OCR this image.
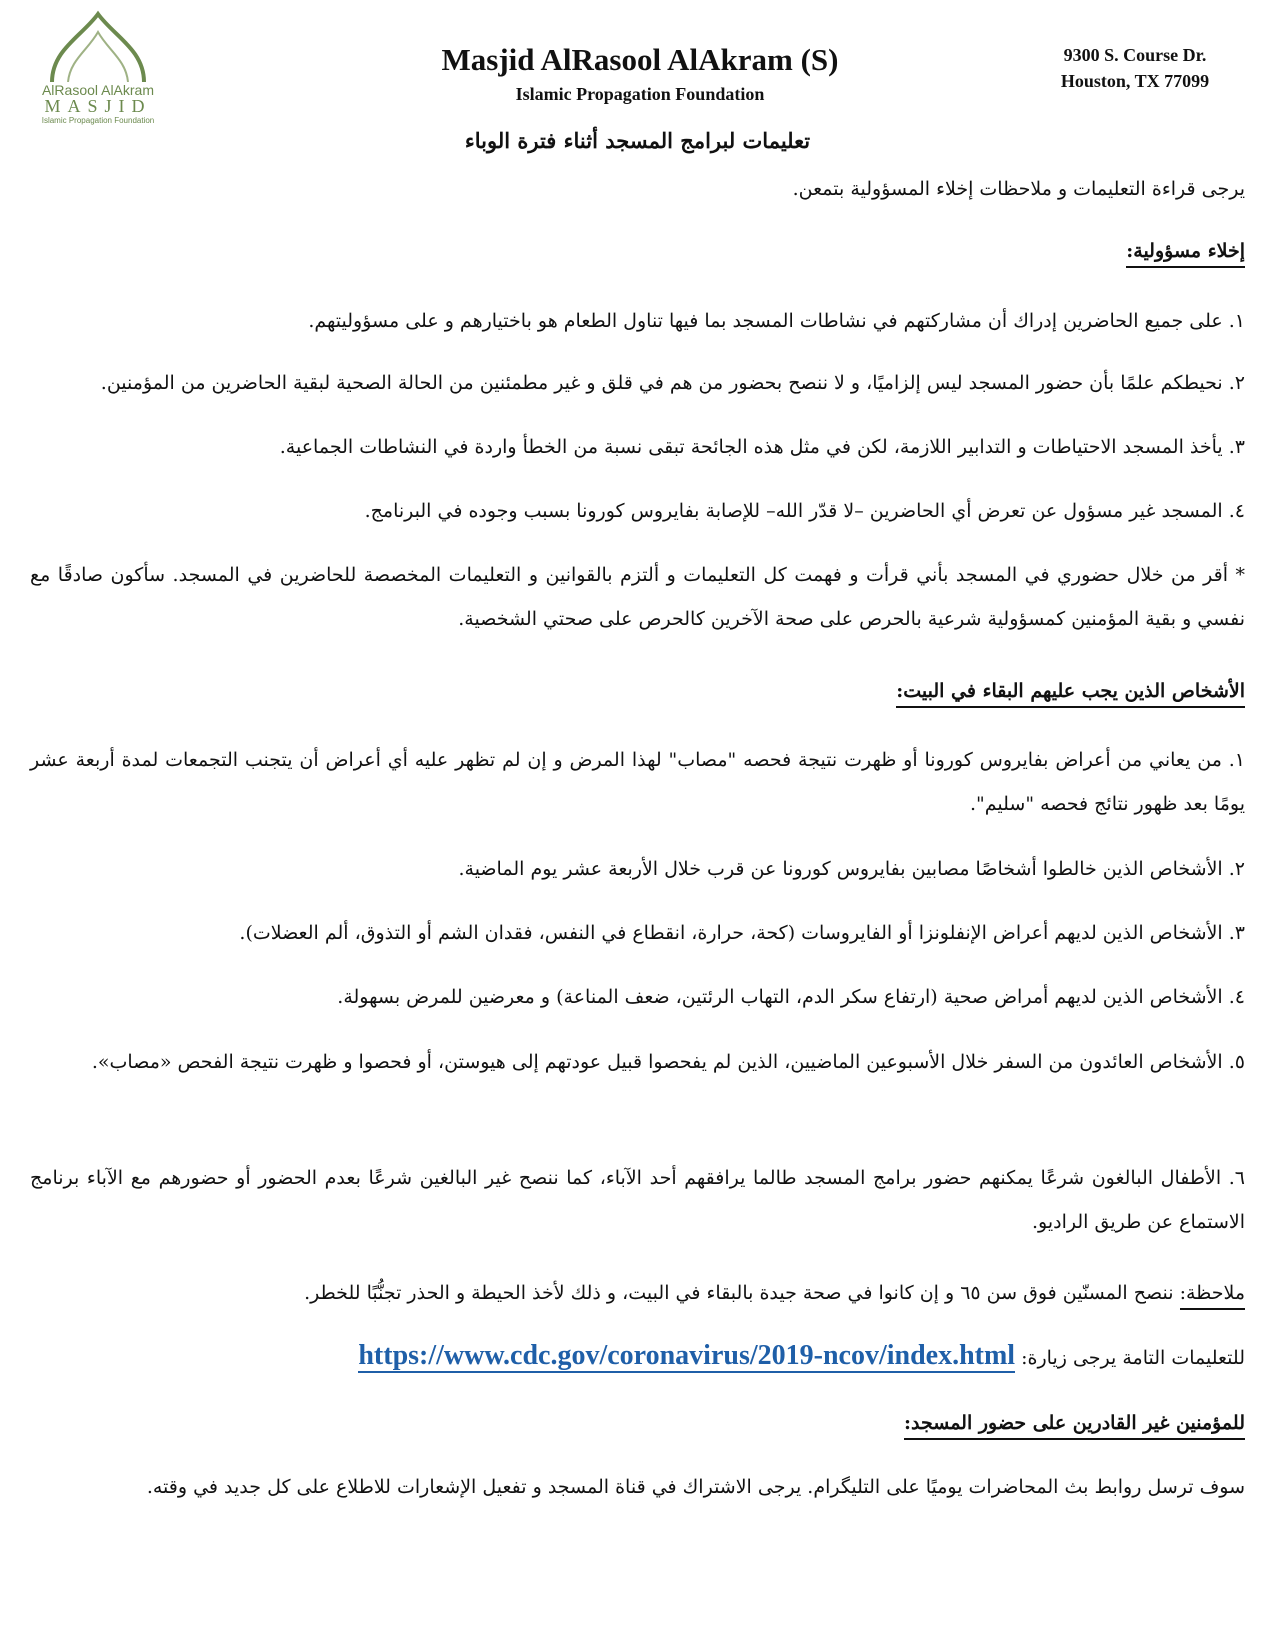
AlRasool AlAkram
MASJID
Islamic Propagation Foundation
Masjid AlRasool AlAkram (S)
Islamic Propagation Foundation
9300 S. Course Dr.
Houston, TX 77099
تعليمات لبرامج المسجد أثناء فترة الوباء
يرجى قراءة التعليمات و ملاحظات إخلاء المسؤولية بتمعن.
إخلاء مسؤولية:
١. على جميع الحاضرين إدراك أن مشاركتهم في نشاطات المسجد بما فيها تناول الطعام هو باختيارهم و على مسؤوليتهم.
٢. نحيطكم علمًا بأن حضور المسجد ليس إلزاميًا، و لا ننصح بحضور من هم في قلق و غير مطمئنين من الحالة الصحية لبقية الحاضرين من المؤمنين.
٣. يأخذ المسجد الاحتياطات و التدابير اللازمة، لكن في مثل هذه الجائحة تبقى نسبة من الخطأ واردة في النشاطات الجماعية.
٤. المسجد غير مسؤول عن تعرض أي الحاضرين –لا قدّر الله– للإصابة بفايروس كورونا بسبب وجوده في البرنامج.
* أقر من خلال حضوري في المسجد بأني قرأت و فهمت كل التعليمات و ألتزم بالقوانين و التعليمات المخصصة للحاضرين في المسجد. سأكون صادقًا مع نفسي و بقية المؤمنين كمسؤولية شرعية بالحرص على صحة الآخرين كالحرص على صحتي الشخصية.
الأشخاص الذين يجب عليهم البقاء في البيت:
١. من يعاني من أعراض بفايروس كورونا أو ظهرت نتيجة فحصه "مصاب" لهذا المرض و إن لم تظهر عليه أي أعراض أن يتجنب التجمعات لمدة أربعة عشر يومًا بعد ظهور نتائج فحصه "سليم".
٢. الأشخاص الذين خالطوا أشخاصًا مصابين بفايروس كورونا عن قرب خلال الأربعة عشر يوم الماضية.
٣. الأشخاص الذين لديهم أعراض الإنفلونزا أو الفايروسات (كحة، حرارة، انقطاع في النفس، فقدان الشم أو التذوق، ألم العضلات).
٤. الأشخاص الذين لديهم أمراض صحية (ارتفاع سكر الدم، التهاب الرئتين، ضعف المناعة) و معرضين للمرض بسهولة.
٥. الأشخاص العائدون من السفر خلال الأسبوعين الماضيين، الذين لم يفحصوا قبيل عودتهم إلى هيوستن، أو فحصوا و ظهرت نتيجة الفحص «مصاب».
٦. الأطفال البالغون شرعًا يمكنهم حضور برامج المسجد طالما يرافقهم أحد الآباء، كما ننصح غير البالغين شرعًا بعدم الحضور أو حضورهم مع الآباء برنامج الاستماع عن طريق الراديو.
ملاحظة: ننصح المسنّين فوق سن ٦٥ و إن كانوا في صحة جيدة بالبقاء في البيت، و ذلك لأخذ الحيطة و الحذر تجنُّبًا للخطر.
للتعليمات التامة يرجى زيارة: https://www.cdc.gov/coronavirus/2019-ncov/index.html
للمؤمنين غير القادرين على حضور المسجد:
سوف ترسل روابط بث المحاضرات يوميًا على التليگرام. يرجى الاشتراك في قناة المسجد و تفعيل الإشعارات للاطلاع على كل جديد في وقته.
